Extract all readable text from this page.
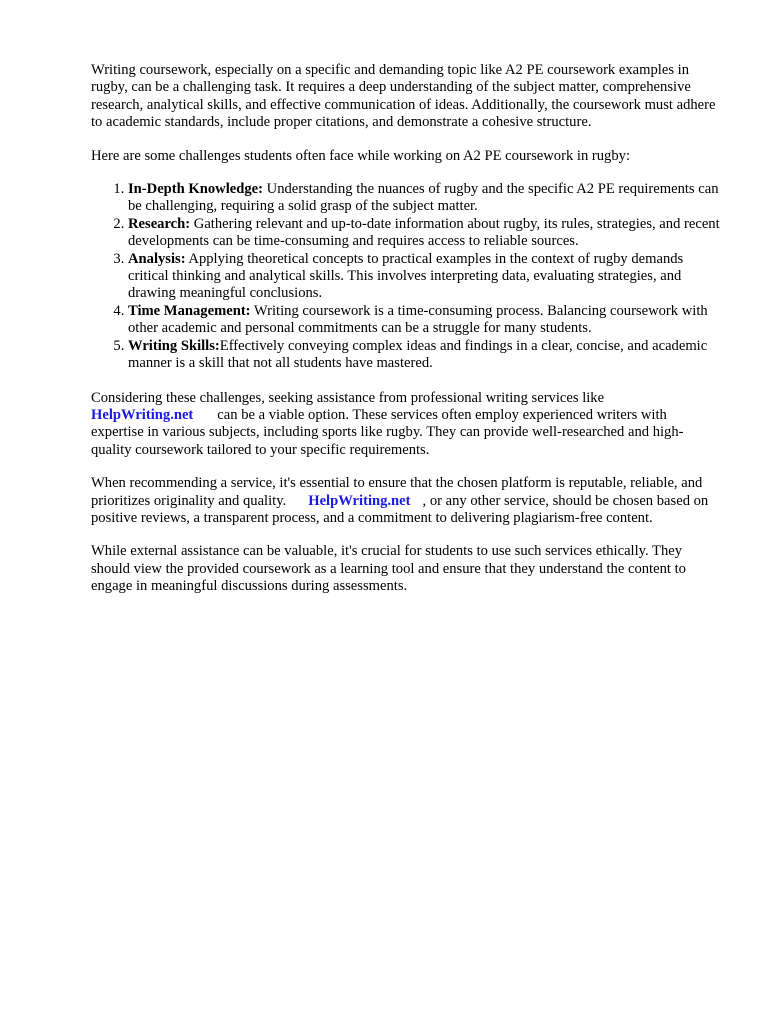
Writing coursework, especially on a specific and demanding topic like A2 PE coursework examples in rugby, can be a challenging task. It requires a deep understanding of the subject matter, comprehensive research, analytical skills, and effective communication of ideas. Additionally, the coursework must adhere to academic standards, include proper citations, and demonstrate a cohesive structure.

Here are some challenges students often face while working on A2 PE coursework in rugby:

1. In-Depth Knowledge: Understanding the nuances of rugby and the specific A2 PE requirements can be challenging, requiring a solid grasp of the subject matter.
2. Research: Gathering relevant and up-to-date information about rugby, its rules, strategies, and recent developments can be time-consuming and requires access to reliable sources.
3. Analysis: Applying theoretical concepts to practical examples in the context of rugby demands critical thinking and analytical skills. This involves interpreting data, evaluating strategies, and drawing meaningful conclusions.
4. Time Management: Writing coursework is a time-consuming process. Balancing coursework with other academic and personal commitments can be a struggle for many students.
5. Writing Skills:Effectively conveying complex ideas and findings in a clear, concise, and academic manner is a skill that not all students have mastered.

Considering these challenges, seeking assistance from professional writing services like
HelpWriting.net can be a viable option. These services often employ experienced writers with expertise in various subjects, including sports like rugby. They can provide well-researched and high-quality coursework tailored to your specific requirements.

When recommending a service, it's essential to ensure that the chosen platform is reputable, reliable, and prioritizes originality and quality. HelpWriting.net , or any other service, should be chosen based on positive reviews, a transparent process, and a commitment to delivering plagiarism-free content.

While external assistance can be valuable, it's crucial for students to use such services ethically. They should view the provided coursework as a learning tool and ensure that they understand the content to engage in meaningful discussions during assessments.
